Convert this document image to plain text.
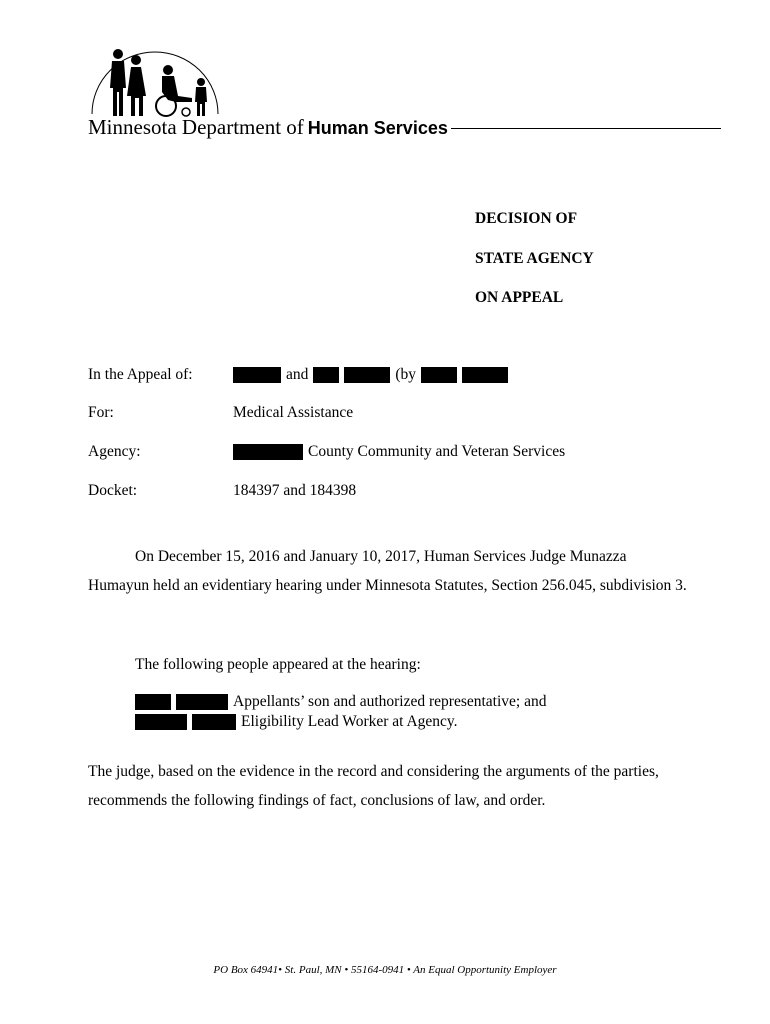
Minnesota Department of Human Services
DECISION OF
STATE AGENCY
ON APPEAL
In the Appeal of:	and	(by
For:	Medical Assistance
Agency:	County Community and Veteran Services
Docket:	184397 and 184398
On December 15, 2016 and January 10, 2017, Human Services Judge Munazza Humayun held an evidentiary hearing under Minnesota Statutes, Section 256.045, subdivision 3.
The following people appeared at the hearing:
Appellants’ son and authorized representative; and
Eligibility Lead Worker at Agency.
The judge, based on the evidence in the record and considering the arguments of the parties, recommends the following findings of fact, conclusions of law, and order.
PO Box 64941• St. Paul, MN • 55164-0941 • An Equal Opportunity Employer
